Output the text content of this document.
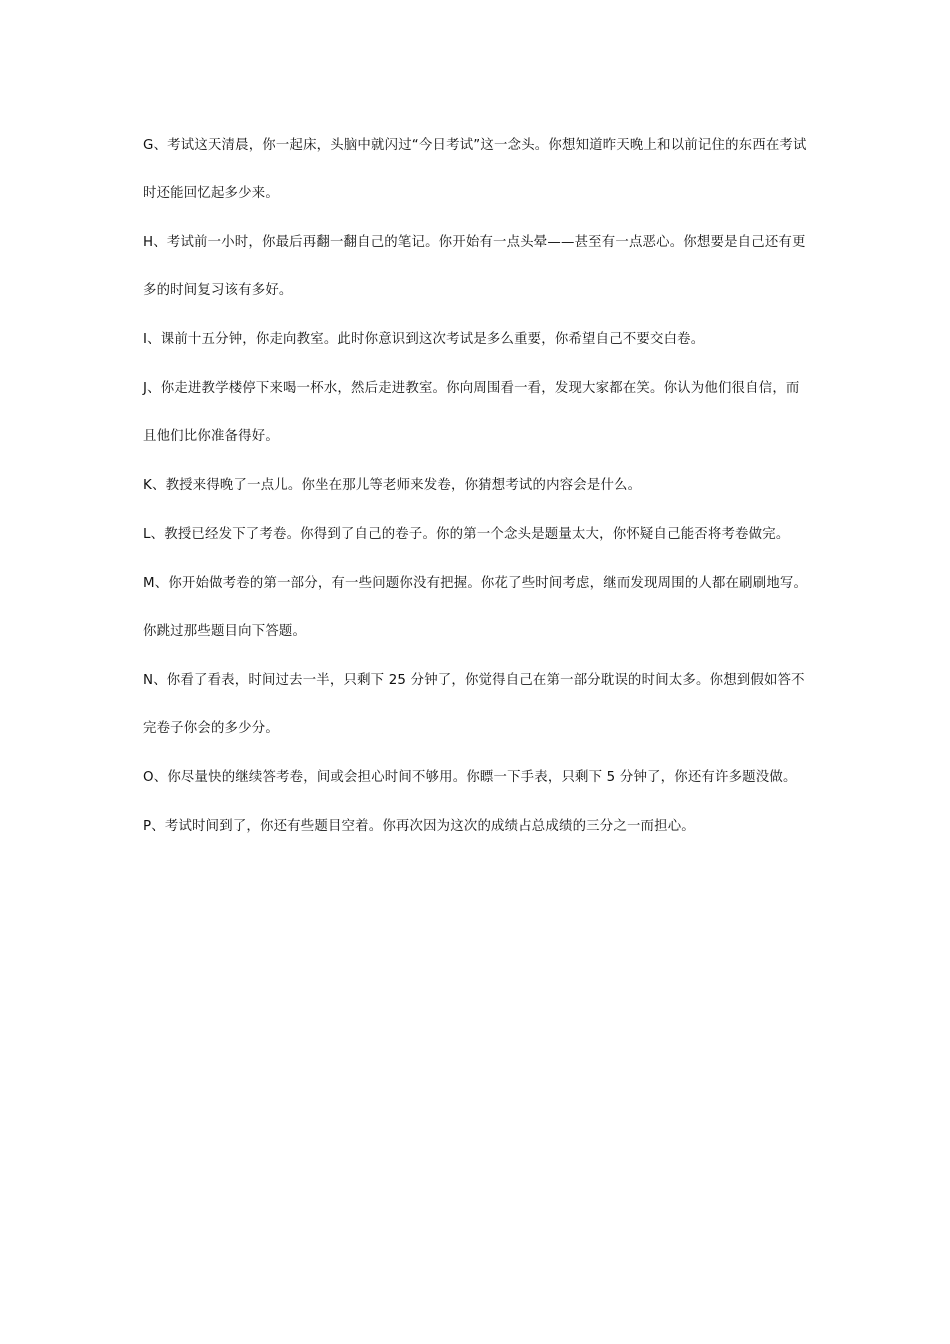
G、考试这天清晨，你一起床，头脑中就闪过“今日考试”这一念头。你想知道昨天晚上和以前记住的东西在考试时还能回忆起多少来。

H、考试前一小时，你最后再翻一翻自己的笔记。你开始有一点头晕——甚至有一点恶心。你想要是自己还有更多的时间复习该有多好。

I、课前十五分钟，你走向教室。此时你意识到这次考试是多么重要，你希望自己不要交白卷。

J、你走进教学楼停下来喝一杯水，然后走进教室。你向周围看一看，发现大家都在笑。你认为他们很自信，而且他们比你准备得好。

K、教授来得晚了一点儿。你坐在那儿等老师来发卷，你猜想考试的内容会是什么。

L、教授已经发下了考卷。你得到了自己的卷子。你的第一个念头是题量太大，你怀疑自己能否将考卷做完。

M、你开始做考卷的第一部分，有一些问题你没有把握。你花了些时间考虑，继而发现周围的人都在刷刷地写。你跳过那些题目向下答题。

N、你看了看表，时间过去一半，只剩下 25 分钟了，你觉得自己在第一部分耽误的时间太多。你想到假如答不完卷子你会的多少分。

O、你尽量快的继续答考卷，间或会担心时间不够用。你瞟一下手表，只剩下 5 分钟了，你还有许多题没做。

P、考试时间到了，你还有些题目空着。你再次因为这次的成绩占总成绩的三分之一而担心。
